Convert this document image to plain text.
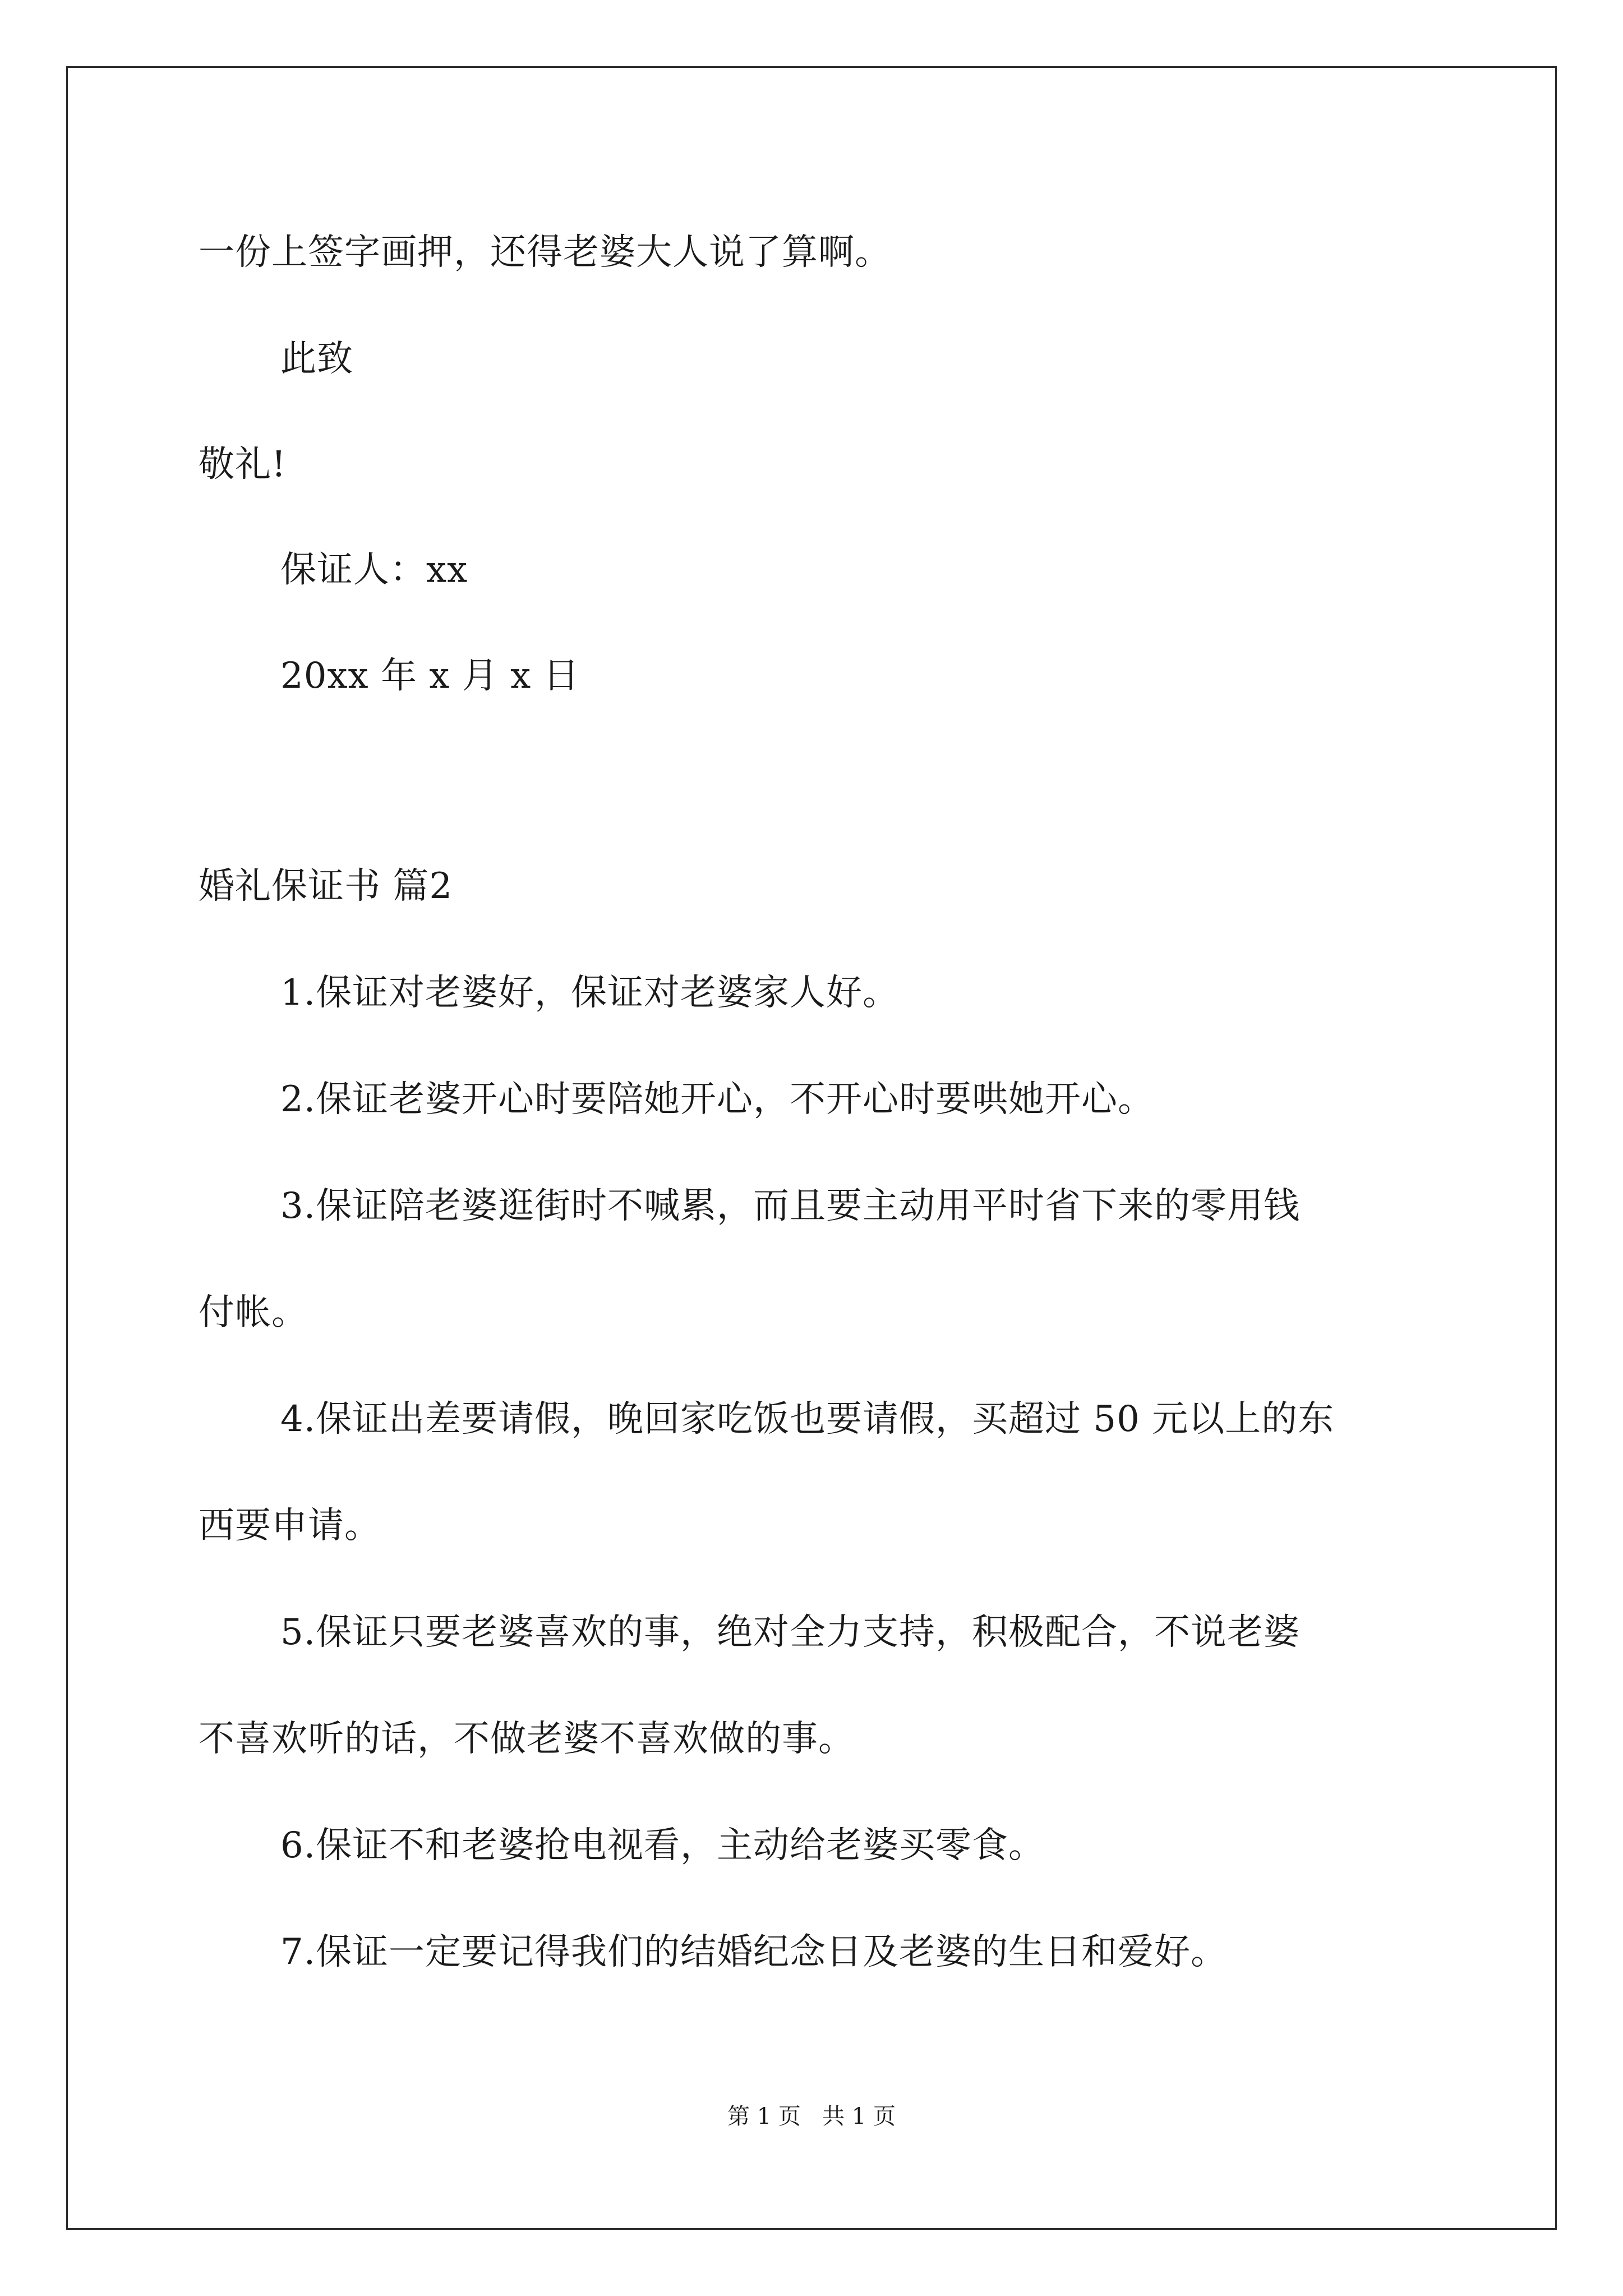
一份上签字画押，还得老婆大人说了算啊。
此致
敬礼!
保证人：xx
20xx 年 x 月 x 日
婚礼保证书 篇2
1.保证对老婆好，保证对老婆家人好。
2.保证老婆开心时要陪她开心，不开心时要哄她开心。
3.保证陪老婆逛街时不喊累，而且要主动用平时省下来的零用钱
付帐。
4.保证出差要请假，晚回家吃饭也要请假，买超过 50 元以上的东
西要申请。
5.保证只要老婆喜欢的事，绝对全力支持，积极配合，不说老婆
不喜欢听的话，不做老婆不喜欢做的事。
6.保证不和老婆抢电视看，主动给老婆买零食。
7.保证一定要记得我们的结婚纪念日及老婆的生日和爱好。
第 1 页   共 1 页
